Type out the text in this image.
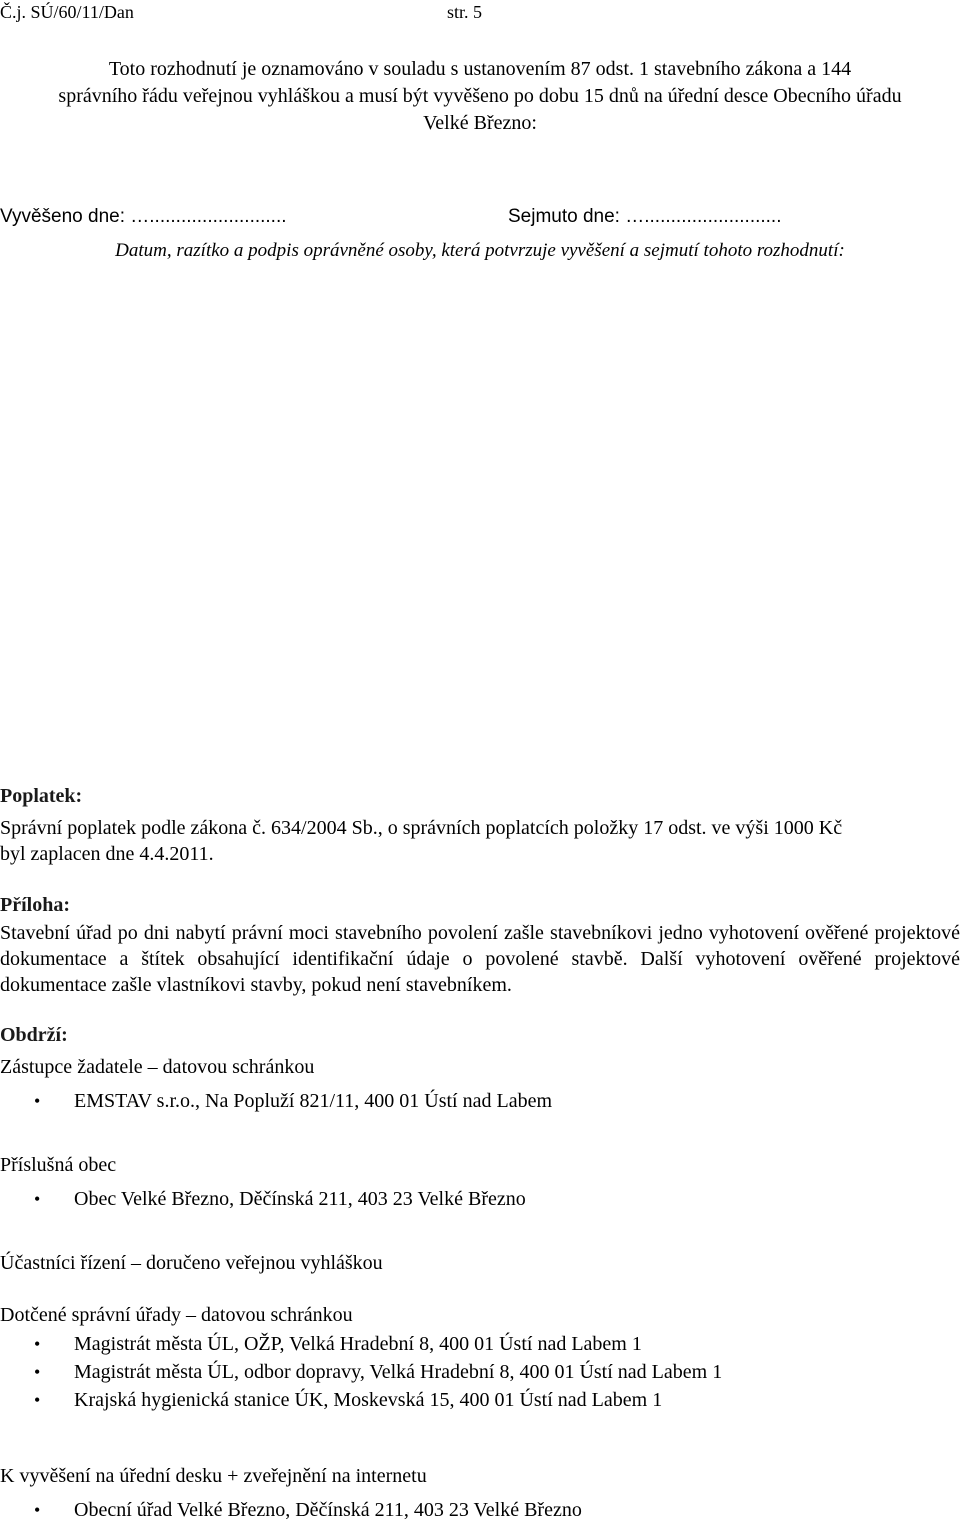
Č.j. SÚ/60/11/Dan	str. 5
Toto rozhodnutí je oznamováno v souladu s ustanovením 87 odst. 1 stavebního zákona a 144
správního řádu veřejnou vyhláškou a musí být vyvěšeno po dobu 15 dnů na úřední desce Obecního úřadu
Velké Březno:
Vyvěšeno dne: …..........................	Sejmuto dne: …..........................
Datum, razítko a podpis oprávněné osoby, která potvrzuje vyvěšení a sejmutí tohoto rozhodnutí:
Poplatek:
Správní poplatek podle zákona č. 634/2004 Sb., o správních poplatcích položky 17 odst. ve výši 1000 Kč
byl zaplacen dne 4.4.2011.
Příloha:
Stavební úřad po dni nabytí právní moci stavebního povolení zašle stavebníkovi jedno vyhotovení ověřené projektové dokumentace a štítek obsahující identifikační údaje o povolené stavbě. Další vyhotovení ověřené projektové dokumentace zašle vlastníkovi stavby, pokud není stavebníkem.
Obdrží:
Zástupce žadatele – datovou schránkou
• EMSTAV s.r.o., Na Popluží 821/11, 400 01 Ústí nad Labem
Příslušná obec
• Obec Velké Březno, Děčínská 211, 403 23 Velké Březno
Účastníci řízení – doručeno veřejnou vyhláškou
Dotčené správní úřady – datovou schránkou
• Magistrát města ÚL, OŽP, Velká Hradební 8, 400 01 Ústí nad Labem 1
• Magistrát města ÚL, odbor dopravy, Velká Hradební 8, 400 01 Ústí nad Labem 1
• Krajská hygienická stanice ÚK, Moskevská 15, 400 01 Ústí nad Labem 1
K vyvěšení na úřední desku + zveřejnění na internetu
• Obecní úřad Velké Březno, Děčínská 211, 403 23 Velké Březno
